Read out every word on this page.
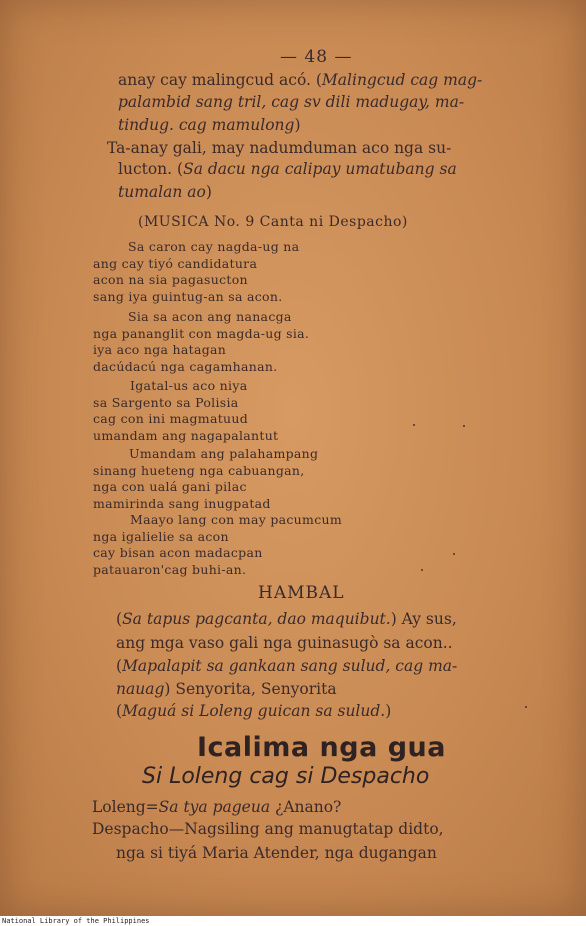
— 48 —
anay cay malingcud acó. (Malingcud cag mag-
palambid sang tril, cag sv dili madugay, ma-
tindug. cag mamulong)
Ta-anay gali, may nadumduman aco nga su-
lucton. (Sa dacu nga calipay umatubang sa
tumalan ao)
(MUSICA No. 9 Canta ni Despacho)
Sa caron cay nagda-ug na
ang cay tiyó candidatura
acon na sia pagasucton
sang iya guintug-an sa acon.
Sia sa acon ang nanacga
nga pananglit con magda-ug sia.
iya aco nga hatagan
dacúdacú nga cagamhanan.
Igatal-us aco niya
sa Sargento sa Polisia
cag con ini magmatuud
umandam ang nagapalantut
Umandam ang palahampang
sinang hueteng nga cabuangan,
nga con ualá gani pilac
mamirinda sang inugpatad
Maayo lang con may pacumcum
nga igalielie sa acon
cay bisan acon madacpan
patauaron'cag buhi-an.
HAMBAL
(Sa tapus pagcanta, dao maquibut.) Ay sus,
ang mga vaso gali nga guinasugò sa acon..
(Mapalapit sa gankaan sang sulud, cag ma-
nauag) Senyorita, Senyorita
(Maguá si Loleng guican sa sulud.)
Icalima nga gua
Si Loleng cag si Despacho
Loleng=Sa tya pageua ¿Anano?
Despacho—Nagsiling ang manugtatap didto,
nga si tiyá Maria Atender, nga dugangan
National Library of the Philippines
